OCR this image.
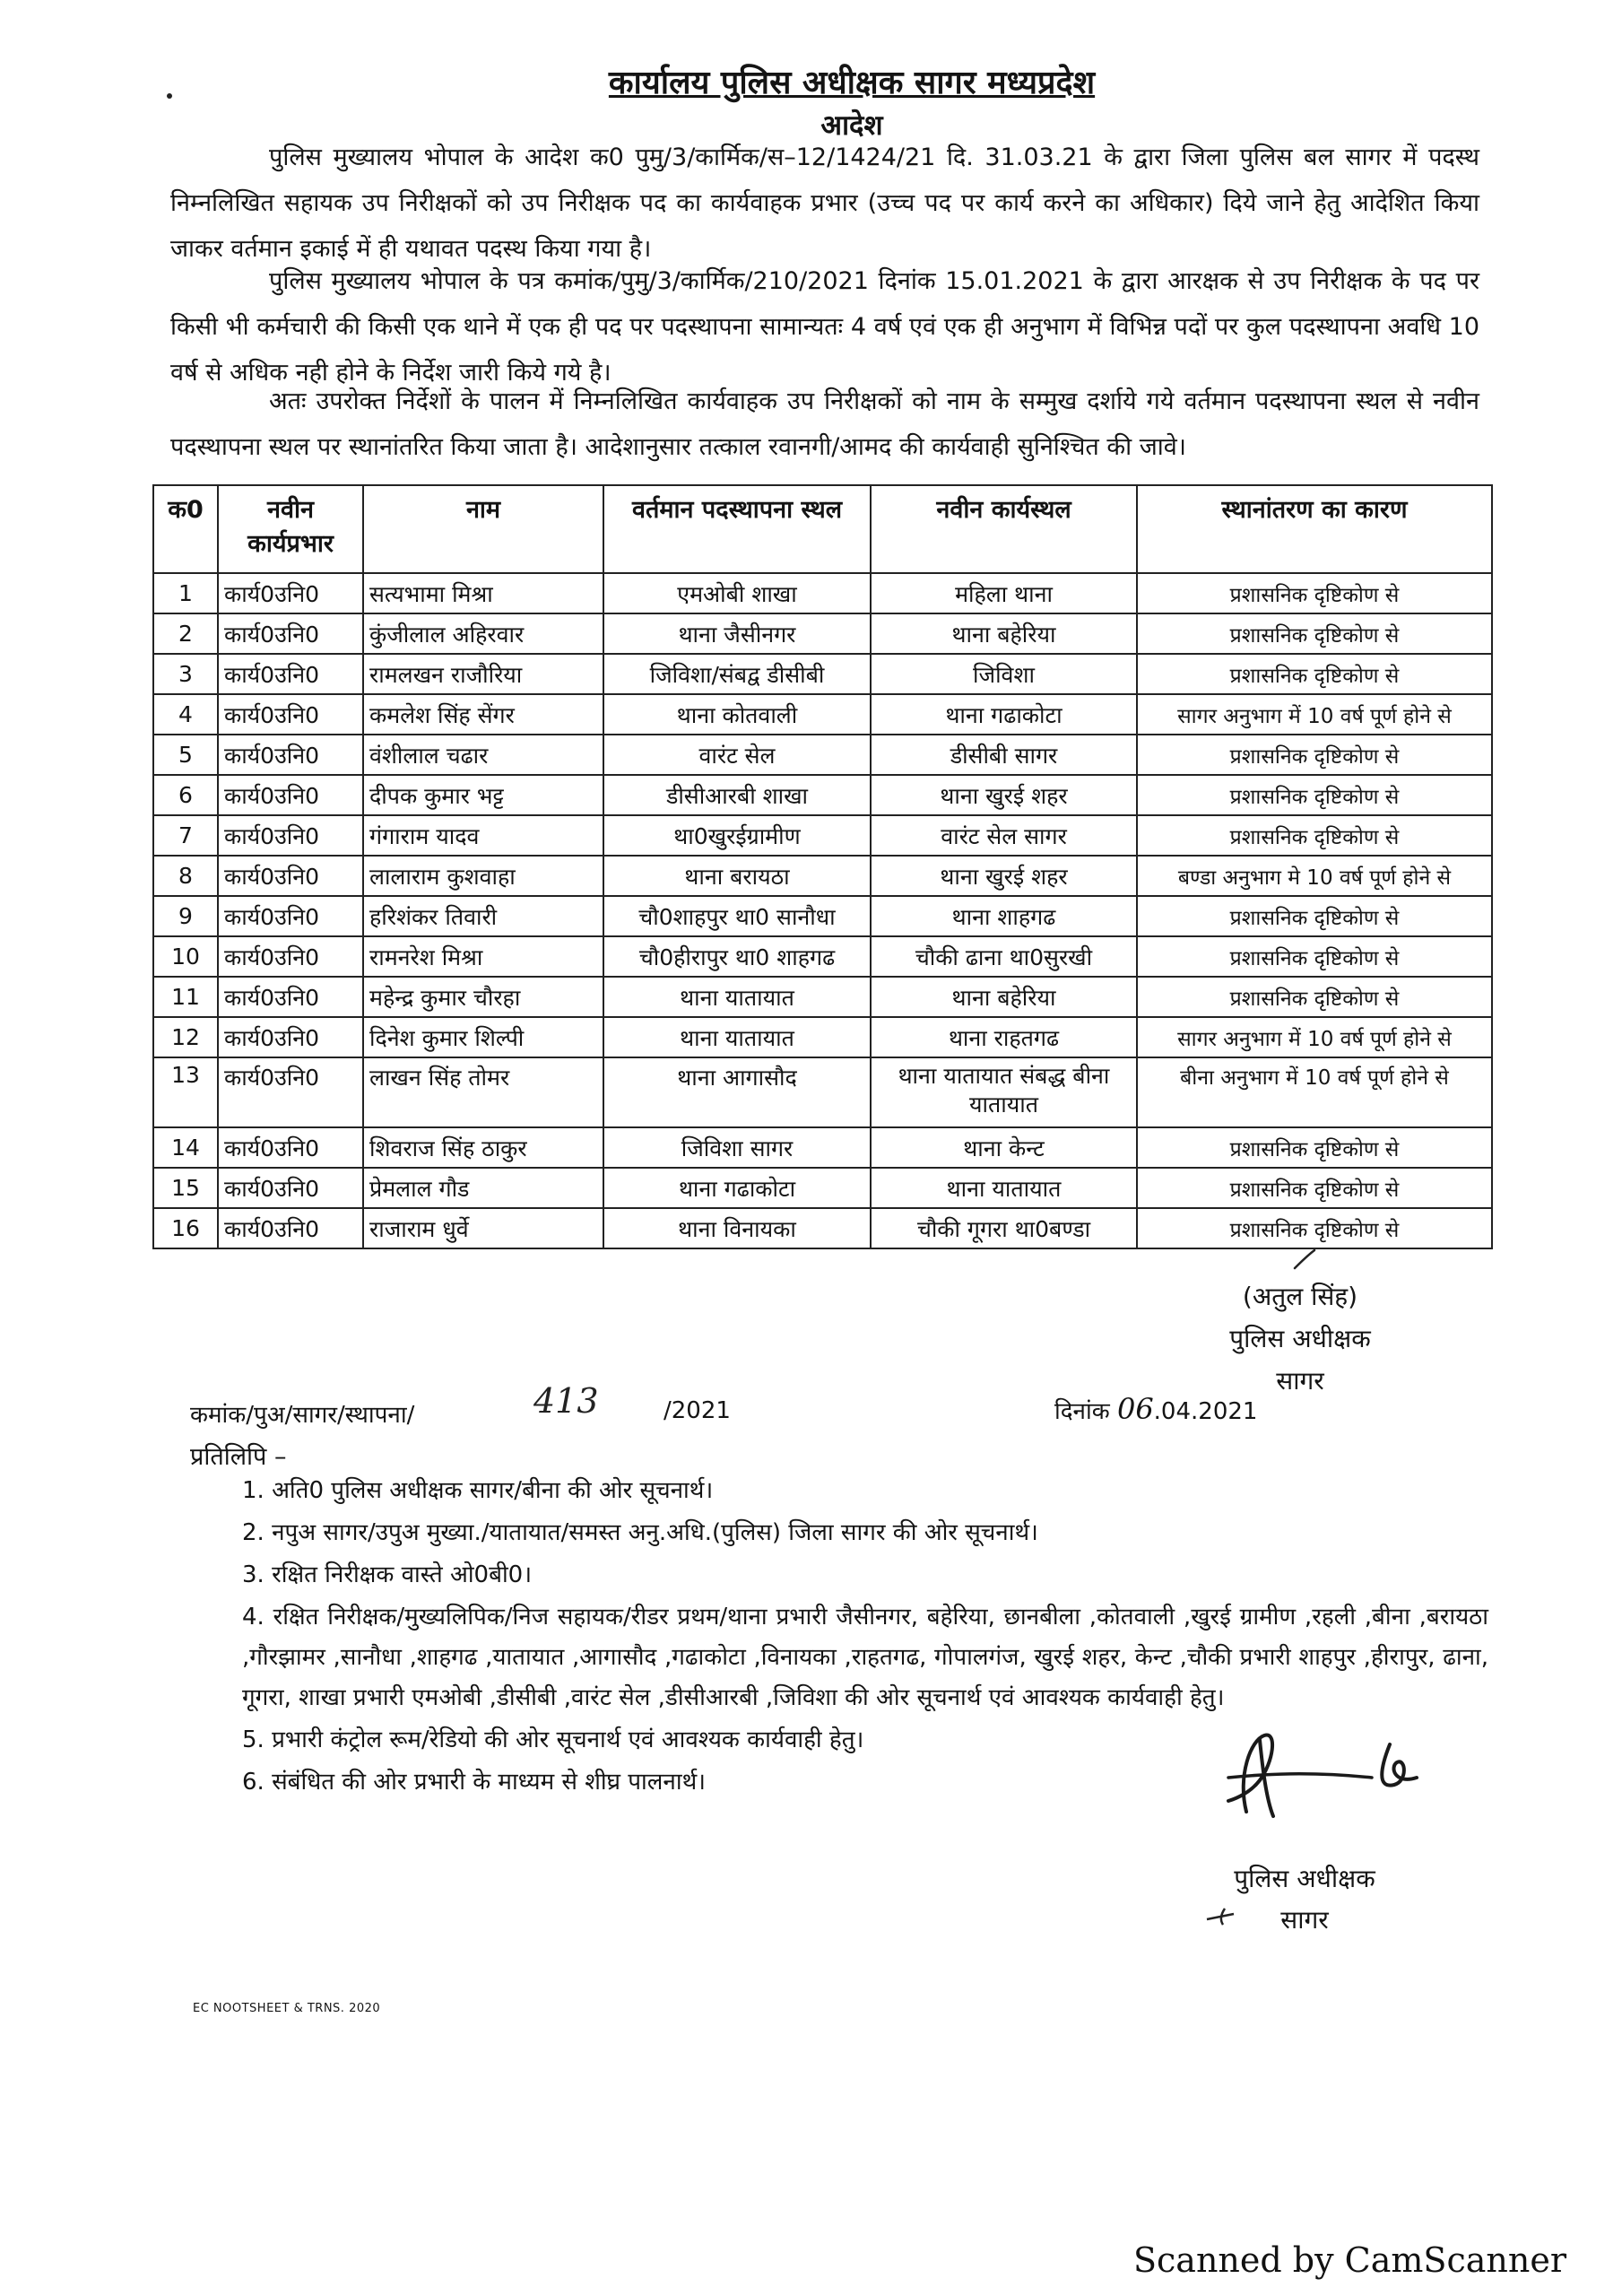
कार्यालय पुलिस अधीक्षक सागर मध्यप्रदेश
आदेश

पुलिस मुख्यालय भोपाल के आदेश क0 पुमु/3/कार्मिक/स–12/1424/21 दि. 31.03.21 के द्वारा जिला पुलिस बल सागर में पदस्थ निम्नलिखित सहायक उप निरीक्षकों को उप निरीक्षक पद का कार्यवाहक प्रभार (उच्च पद पर कार्य करने का अधिकार) दिये जाने हेतु आदेशित किया जाकर वर्तमान इकाई में ही यथावत पदस्थ किया गया है।

पुलिस मुख्यालय भोपाल के पत्र कमांक/पुमु/3/कार्मिक/210/2021 दिनांक 15.01.2021 के द्वारा आरक्षक से उप निरीक्षक के पद पर किसी भी कर्मचारी की किसी एक थाने में एक ही पद पर पदस्थापना सामान्यतः 4 वर्ष एवं एक ही अनुभाग में विभिन्न पदों पर कुल पदस्थापना अवधि 10 वर्ष से अधिक नही होने के निर्देश जारी किये गये है।

अतः उपरोक्त निर्देशों के पालन में निम्नलिखित कार्यवाहक उप निरीक्षकों को नाम के सम्मुख दर्शाये गये वर्तमान पदस्थापना स्थल से नवीन पदस्थापना स्थल पर स्थानांतरित किया जाता है। आदेशानुसार तत्काल रवानगी/आमद की कार्यवाही सुनिश्चित की जावे।

क0	नवीन कार्यप्रभार	नाम	वर्तमान पदस्थापना स्थल	नवीन कार्यस्थल	स्थानांतरण का कारण
1	कार्य0उनि0	सत्यभामा मिश्रा	एमओबी शाखा	महिला थाना	प्रशासनिक दृष्टिकोण से
2	कार्य0उनि0	कुंजीलाल अहिरवार	थाना जैसीनगर	थाना बहेरिया	प्रशासनिक दृष्टिकोण से
3	कार्य0उनि0	रामलखन राजौरिया	जिविशा/संबद्व डीसीबी	जिविशा	प्रशासनिक दृष्टिकोण से
4	कार्य0उनि0	कमलेश सिंह सेंगर	थाना कोतवाली	थाना गढाकोटा	सागर अनुभाग में 10 वर्ष पूर्ण होने से
5	कार्य0उनि0	वंशीलाल चढार	वारंट सेल	डीसीबी सागर	प्रशासनिक दृष्टिकोण से
6	कार्य0उनि0	दीपक कुमार भट्ट	डीसीआरबी शाखा	थाना खुरई शहर	प्रशासनिक दृष्टिकोण से
7	कार्य0उनि0	गंगाराम यादव	था0खुरईग्रामीण	वारंट सेल सागर	प्रशासनिक दृष्टिकोण से
8	कार्य0उनि0	लालाराम कुशवाहा	थाना बरायठा	थाना खुरई शहर	बण्डा अनुभाग मे 10 वर्ष पूर्ण होने से
9	कार्य0उनि0	हरिशंकर तिवारी	चौ0शाहपुर था0 सानौधा	थाना शाहगढ	प्रशासनिक दृष्टिकोण से
10	कार्य0उनि0	रामनरेश मिश्रा	चौ0हीरापुर था0 शाहगढ	चौकी ढाना था0सुरखी	प्रशासनिक दृष्टिकोण से
11	कार्य0उनि0	महेन्द्र कुमार चौरहा	थाना यातायात	थाना बहेरिया	प्रशासनिक दृष्टिकोण से
12	कार्य0उनि0	दिनेश कुमार शिल्पी	थाना यातायात	थाना राहतगढ	सागर अनुभाग में 10 वर्ष पूर्ण होने से
13	कार्य0उनि0	लाखन सिंह तोमर	थाना आगासौद	थाना यातायात संबद्ध बीना यातायात	बीना अनुभाग में 10 वर्ष पूर्ण होने से
14	कार्य0उनि0	शिवराज सिंह ठाकुर	जिविशा सागर	थाना केन्ट	प्रशासनिक दृष्टिकोण से
15	कार्य0उनि0	प्रेमलाल गौड	थाना गढाकोटा	थाना यातायात	प्रशासनिक दृष्टिकोण से
16	कार्य0उनि0	राजाराम धुर्वे	थाना विनायका	चौकी गूगरा था0बण्डा	प्रशासनिक दृष्टिकोण से
(अतुल सिंह)
पुलिस अधीक्षक
सागर
कमांक/पुअ/सागर/स्थापना/	413	/2021	दिनांक 06.04.2021
प्रतिलिपि –
1. अति0 पुलिस अधीक्षक सागर/बीना की ओर सूचनार्थ।
2. नपुअ सागर/उपुअ मुख्या./यातायात/समस्त अनु.अधि.(पुलिस) जिला सागर की ओर सूचनार्थ।
3. रक्षित निरीक्षक वास्ते ओ0बी0।
4. रक्षित निरीक्षक/मुख्यलिपिक/निज सहायक/रीडर प्रथम/थाना प्रभारी जैसीनगर, बहेरिया, छानबीला ,कोतवाली ,खुरई ग्रामीण ,रहली ,बीना ,बरायठा ,गौरझामर ,सानौधा ,शाहगढ ,यातायात ,आगासौद ,गढाकोटा ,विनायका ,राहतगढ, गोपालगंज, खुरई शहर, केन्ट ,चौकी प्रभारी शाहपुर ,हीरापुर, ढाना, गूगरा, शाखा प्रभारी एमओबी ,डीसीबी ,वारंट सेल ,डीसीआरबी ,जिविशा की ओर सूचनार्थ एवं आवश्यक कार्यवाही हेतु।
5. प्रभारी कंट्रोल रूम/रेडियो की ओर सूचनार्थ एवं आवश्यक कार्यवाही हेतु।
6. संबंधित की ओर प्रभारी के माध्यम से शीघ्र पालनार्थ।
पुलिस अधीक्षक
सागर
EC NOOTSHEET & TRNS. 2020
Scanned by CamScanner
